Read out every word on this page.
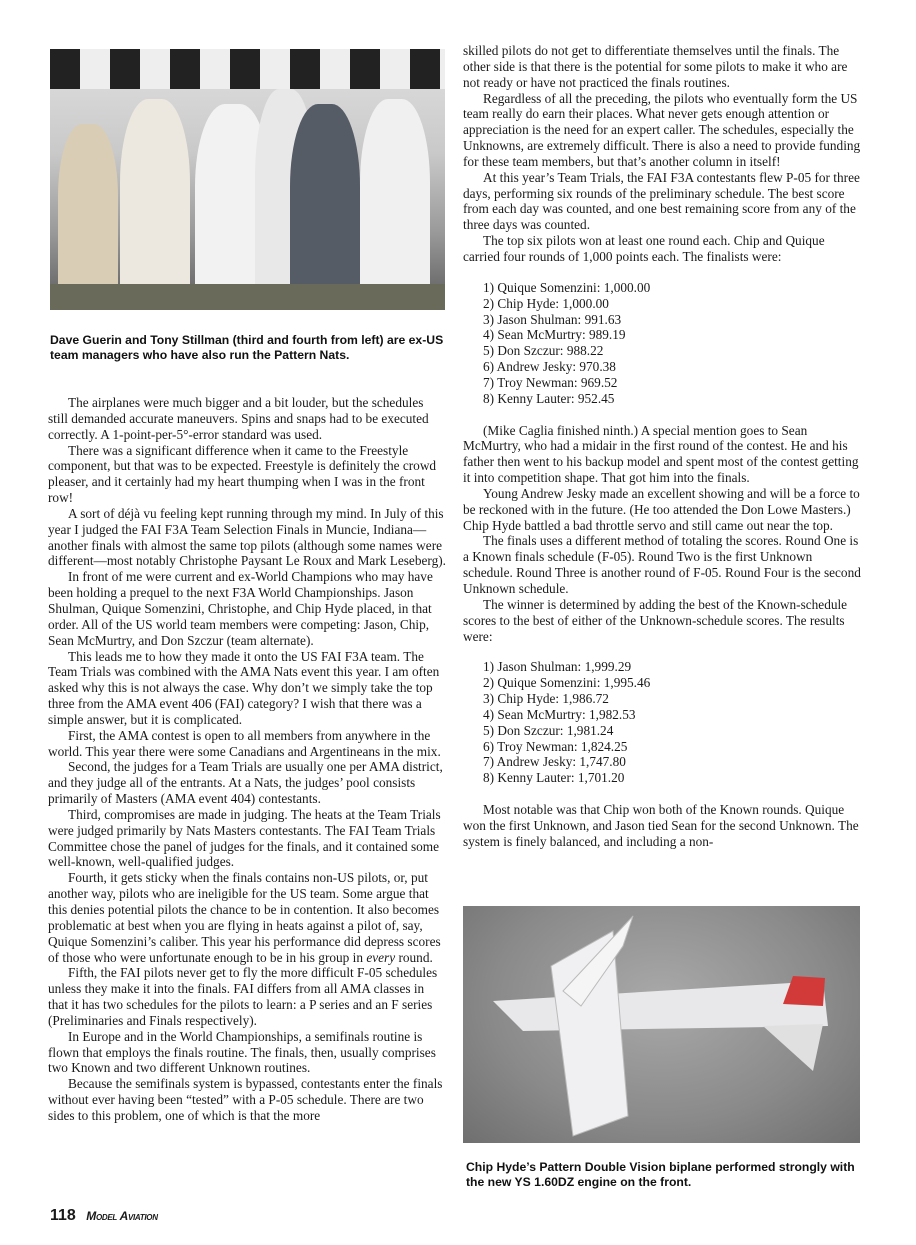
Dave Guerin and Tony Stillman (third and fourth from left) are ex-US team managers who have also run the Pattern Nats.

The airplanes were much bigger and a bit louder, but the schedules still demanded accurate maneuvers. Spins and snaps had to be executed correctly. A 1-point-per-5°-error standard was used.

There was a significant difference when it came to the Freestyle component, but that was to be expected. Freestyle is definitely the crowd pleaser, and it certainly had my heart thumping when I was in the front row!

A sort of déjà vu feeling kept running through my mind. In July of this year I judged the FAI F3A Team Selection Finals in Muncie, Indiana—another finals with almost the same top pilots (although some names were different—most notably Christophe Paysant Le Roux and Mark Leseberg).

In front of me were current and ex-World Champions who may have been holding a prequel to the next F3A World Championships. Jason Shulman, Quique Somenzini, Christophe, and Chip Hyde placed, in that order. All of the US world team members were competing: Jason, Chip, Sean McMurtry, and Don Szczur (team alternate).

This leads me to how they made it onto the US FAI F3A team. The Team Trials was combined with the AMA Nats event this year. I am often asked why this is not always the case. Why don’t we simply take the top three from the AMA event 406 (FAI) category? I wish that there was a simple answer, but it is complicated.

First, the AMA contest is open to all members from anywhere in the world. This year there were some Canadians and Argentineans in the mix.

Second, the judges for a Team Trials are usually one per AMA district, and they judge all of the entrants. At a Nats, the judges’ pool consists primarily of Masters (AMA event 404) contestants.

Third, compromises are made in judging. The heats at the Team Trials were judged primarily by Nats Masters contestants. The FAI Team Trials Committee chose the panel of judges for the finals, and it contained some well-known, well-qualified judges.

Fourth, it gets sticky when the finals contains non-US pilots, or, put another way, pilots who are ineligible for the US team. Some argue that this denies potential pilots the chance to be in contention. It also becomes problematic at best when you are flying in heats against a pilot of, say, Quique Somenzini’s caliber. This year his performance did depress scores of those who were unfortunate enough to be in his group in every round.

Fifth, the FAI pilots never get to fly the more difficult F-05 schedules unless they make it into the finals. FAI differs from all AMA classes in that it has two schedules for the pilots to learn: a P series and an F series (Preliminaries and Finals respectively).

In Europe and in the World Championships, a semifinals routine is flown that employs the finals routine. The finals, then, usually comprises two Known and two different Unknown routines.

Because the semifinals system is bypassed, contestants enter the finals without ever having been “tested” with a P-05 schedule. There are two sides to this problem, one of which is that the more

skilled pilots do not get to differentiate themselves until the finals. The other side is that there is the potential for some pilots to make it who are not ready or have not practiced the finals routines.

Regardless of all the preceding, the pilots who eventually form the US team really do earn their places. What never gets enough attention or appreciation is the need for an expert caller. The schedules, especially the Unknowns, are extremely difficult. There is also a need to provide funding for these team members, but that’s another column in itself!

At this year’s Team Trials, the FAI F3A contestants flew P-05 for three days, performing six rounds of the preliminary schedule. The best score from each day was counted, and one best remaining score from any of the three days was counted.

The top six pilots won at least one round each. Chip and Quique carried four rounds of 1,000 points each. The finalists were:

1) Quique Somenzini: 1,000.00
2) Chip Hyde: 1,000.00
3) Jason Shulman: 991.63
4) Sean McMurtry: 989.19
5) Don Szczur: 988.22
6) Andrew Jesky: 970.38
7) Troy Newman: 969.52
8) Kenny Lauter: 952.45

(Mike Caglia finished ninth.) A special mention goes to Sean McMurtry, who had a midair in the first round of the contest. He and his father then went to his backup model and spent most of the contest getting it into competition shape. That got him into the finals.

Young Andrew Jesky made an excellent showing and will be a force to be reckoned with in the future. (He too attended the Don Lowe Masters.) Chip Hyde battled a bad throttle servo and still came out near the top.

The finals uses a different method of totaling the scores. Round One is a Known finals schedule (F-05). Round Two is the first Unknown schedule. Round Three is another round of F-05. Round Four is the second Unknown schedule.

The winner is determined by adding the best of the Known-schedule scores to the best of either of the Unknown-schedule scores. The results were:

1) Jason Shulman: 1,999.29
2) Quique Somenzini: 1,995.46
3) Chip Hyde: 1,986.72
4) Sean McMurtry: 1,982.53
5) Don Szczur: 1,981.24
6) Troy Newman: 1,824.25
7) Andrew Jesky: 1,747.80
8) Kenny Lauter: 1,701.20

Most notable was that Chip won both of the Known rounds. Quique won the first Unknown, and Jason tied Sean for the second Unknown. The system is finely balanced, and including a non-

Chip Hyde’s Pattern Double Vision biplane performed strongly with the new YS 1.60DZ engine on the front.
118 Model Aviation
